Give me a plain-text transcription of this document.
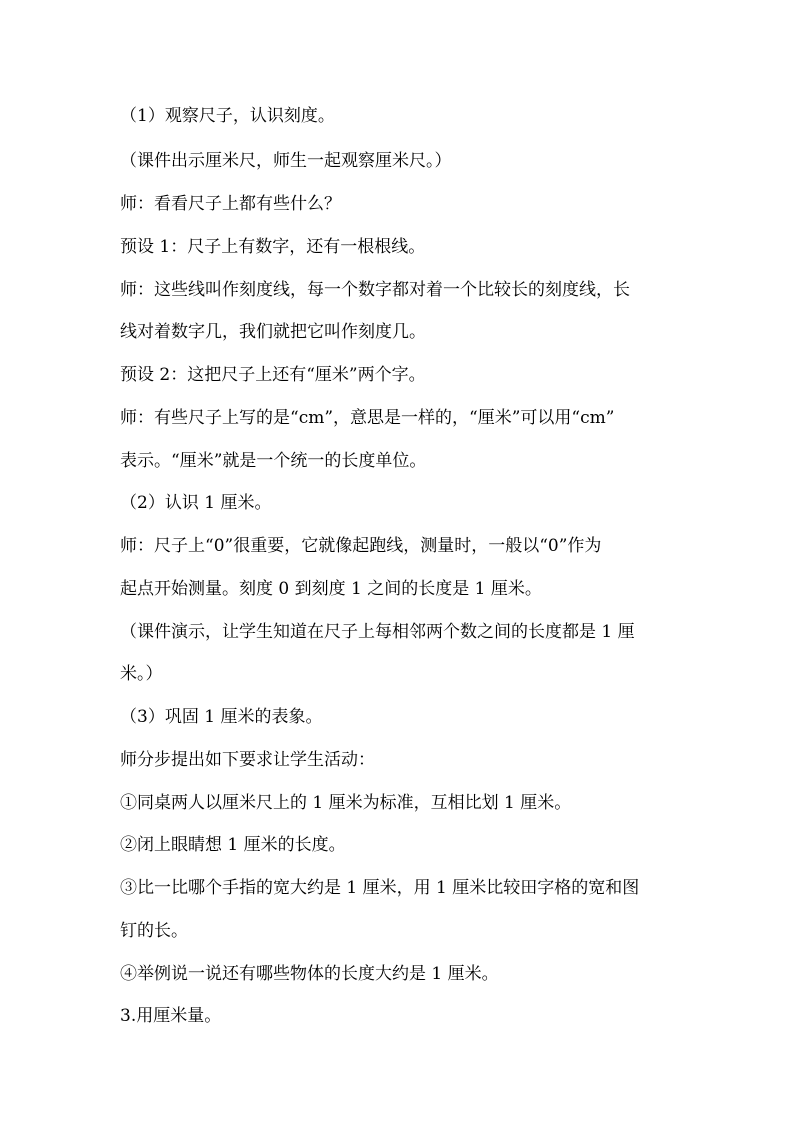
（1）观察尺子，认识刻度。
（课件出示厘米尺，师生一起观察厘米尺。）
师：看看尺子上都有些什么？
预设 1：尺子上有数字，还有一根根线。
师：这些线叫作刻度线，每一个数字都对着一个比较长的刻度线，长
线对着数字几，我们就把它叫作刻度几。
预设 2：这把尺子上还有“厘米”两个字。
师：有些尺子上写的是“cm”，意思是一样的，“厘米”可以用“cm”
表示。“厘米”就是一个统一的长度单位。
（2）认识 1 厘米。
师：尺子上“0”很重要，它就像起跑线，测量时，一般以“0”作为
起点开始测量。刻度 0 到刻度 1 之间的长度是 1 厘米。
（课件演示，让学生知道在尺子上每相邻两个数之间的长度都是 1 厘
米。）
（3）巩固 1 厘米的表象。
师分步提出如下要求让学生活动：
①同桌两人以厘米尺上的 1 厘米为标准，互相比划 1 厘米。
②闭上眼睛想 1 厘米的长度。
③比一比哪个手指的宽大约是 1 厘米，用 1 厘米比较田字格的宽和图
钉的长。
④举例说一说还有哪些物体的长度大约是 1 厘米。
3.用厘米量。
